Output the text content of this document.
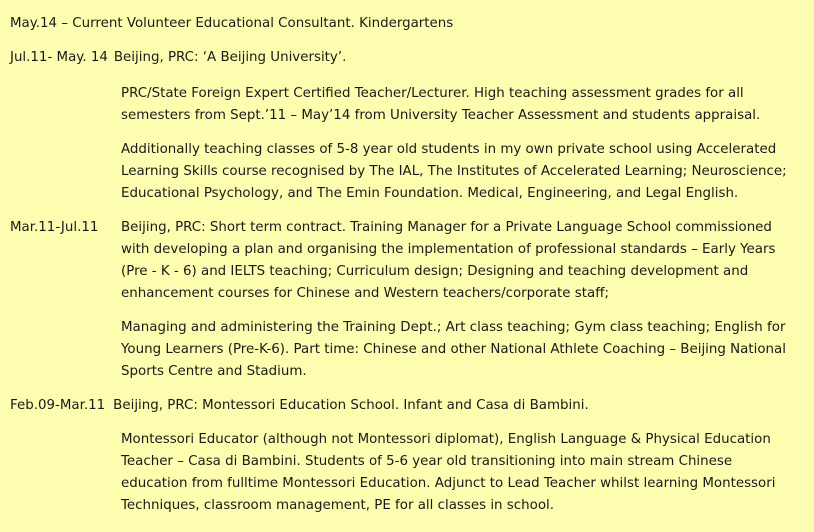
May.14 – Current Volunteer Educational Consultant. Kindergartens
Jul.11- May. 14 Beijing, PRC: ‘A Beijing University’.
PRC/State Foreign Expert Certified Teacher/Lecturer. High teaching assessment grades for all
semesters from Sept.’11 – May’14 from University Teacher Assessment and students appraisal.
Additionally teaching classes of 5-8 year old students in my own private school using Accelerated
Learning Skills course recognised by The IAL, The Institutes of Accelerated Learning; Neuroscience;
Educational Psychology, and The Emin Foundation. Medical, Engineering, and Legal English.
Mar.11-Jul.11 Beijing, PRC: Short term contract. Training Manager for a Private Language School commissioned
with developing a plan and organising the implementation of professional standards – Early Years
(Pre - K - 6) and IELTS teaching; Curriculum design; Designing and teaching development and
enhancement courses for Chinese and Western teachers/corporate staff;
Managing and administering the Training Dept.; Art class teaching; Gym class teaching; English for
Young Learners (Pre-K-6). Part time: Chinese and other National Athlete Coaching – Beijing National
Sports Centre and Stadium.
Feb.09-Mar.11 Beijing, PRC: Montessori Education School. Infant and Casa di Bambini.
Montessori Educator (although not Montessori diplomat), English Language & Physical Education
Teacher – Casa di Bambini. Students of 5-6 year old transitioning into main stream Chinese
education from fulltime Montessori Education. Adjunct to Lead Teacher whilst learning Montessori
Techniques, classroom management, PE for all classes in school.
